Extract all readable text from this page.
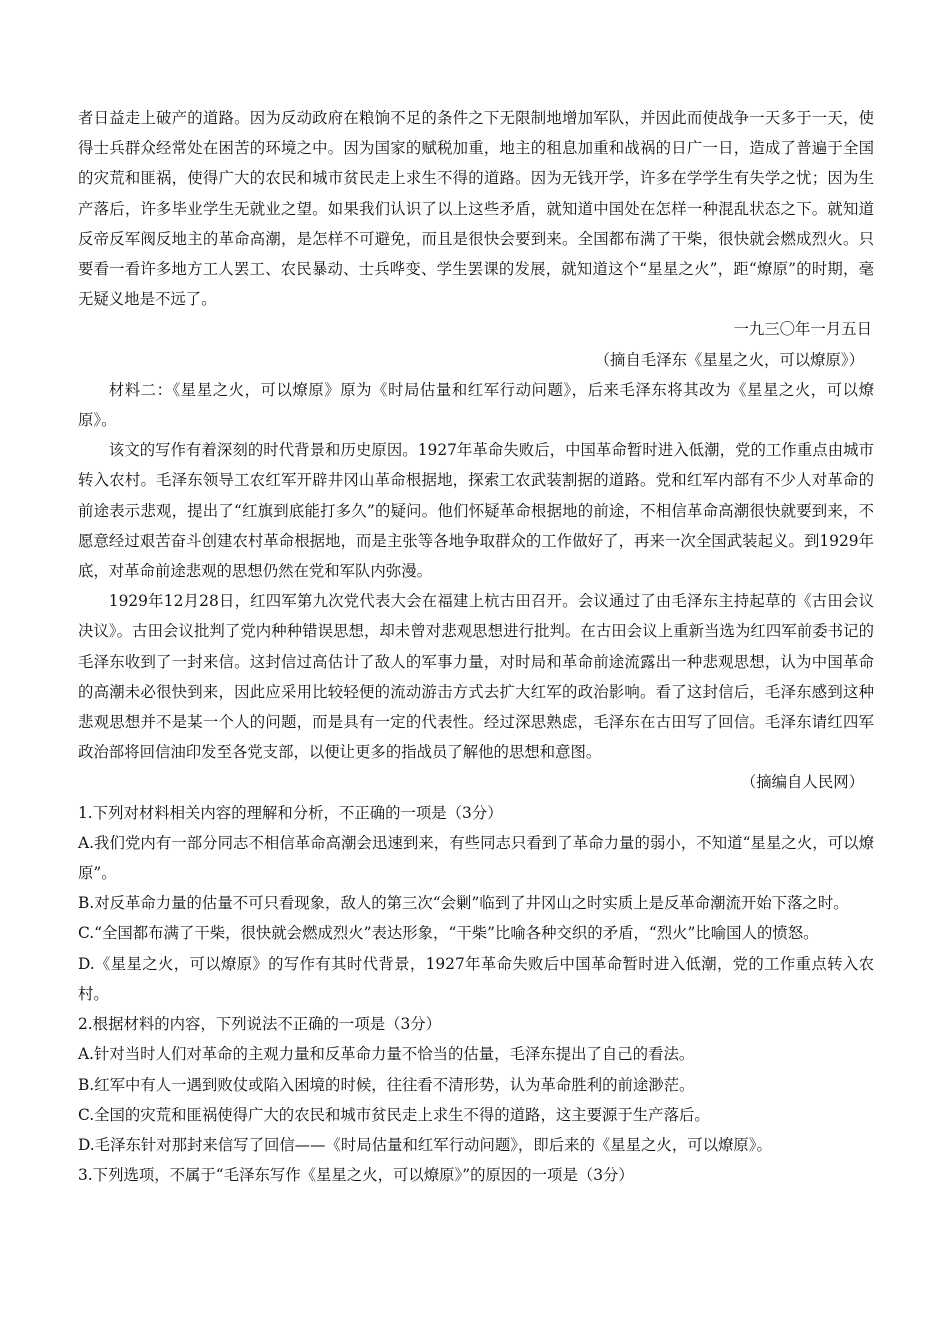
者日益走上破产的道路。因为反动政府在粮饷不足的条件之下无限制地增加军队，并因此而使战争一天多于一天，使得士兵群众经常处在困苦的环境之中。因为国家的赋税加重，地主的租息加重和战祸的日广一日，造成了普遍于全国的灾荒和匪祸，使得广大的农民和城市贫民走上求生不得的道路。因为无钱开学，许多在学学生有失学之忧；因为生产落后，许多毕业学生无就业之望。如果我们认识了以上这些矛盾，就知道中国处在怎样一种混乱状态之下。就知道反帝反军阀反地主的革命高潮，是怎样不可避免，而且是很快会要到来。全国都布满了干柴，很快就会燃成烈火。只要看一看许多地方工人罢工、农民暴动、士兵哗变、学生罢课的发展，就知道这个“星星之火”，距“燎原”的时期，毫无疑义地是不远了。

一九三〇年一月五日

（摘自毛泽东《星星之火，可以燎原》）

材料二：《星星之火，可以燎原》原为《时局估量和红军行动问题》，后来毛泽东将其改为《星星之火，可以燎原》。

该文的写作有着深刻的时代背景和历史原因。1927年革命失败后，中国革命暂时进入低潮，党的工作重点由城市转入农村。毛泽东领导工农红军开辟井冈山革命根据地，探索工农武装割据的道路。党和红军内部有不少人对革命的前途表示悲观，提出了“红旗到底能打多久”的疑问。他们怀疑革命根据地的前途，不相信革命高潮很快就要到来，不愿意经过艰苦奋斗创建农村革命根据地，而是主张等各地争取群众的工作做好了，再来一次全国武装起义。到1929年底，对革命前途悲观的思想仍然在党和军队内弥漫。

1929年12月28日，红四军第九次党代表大会在福建上杭古田召开。会议通过了由毛泽东主持起草的《古田会议决议》。古田会议批判了党内种种错误思想，却未曾对悲观思想进行批判。在古田会议上重新当选为红四军前委书记的毛泽东收到了一封来信。这封信过高估计了敌人的军事力量，对时局和革命前途流露出一种悲观思想，认为中国革命的高潮未必很快到来，因此应采用比较轻便的流动游击方式去扩大红军的政治影响。看了这封信后，毛泽东感到这种悲观思想并不是某一个人的问题，而是具有一定的代表性。经过深思熟虑，毛泽东在古田写了回信。毛泽东请红四军政治部将回信油印发至各党支部，以便让更多的指战员了解他的思想和意图。

（摘编自人民网）

1.下列对材料相关内容的理解和分析，不正确的一项是（3分）

A.我们党内有一部分同志不相信革命高潮会迅速到来，有些同志只看到了革命力量的弱小，不知道“星星之火，可以燎原”。

B.对反革命力量的估量不可只看现象，敌人的第三次“会剿”临到了井冈山之时实质上是反革命潮流开始下落之时。

C.“全国都布满了干柴，很快就会燃成烈火”表达形象，“干柴”比喻各种交织的矛盾，“烈火”比喻国人的愤怒。

D.《星星之火，可以燎原》的写作有其时代背景，1927年革命失败后中国革命暂时进入低潮，党的工作重点转入农村。

2.根据材料的内容，下列说法不正确的一项是（3分）

A.针对当时人们对革命的主观力量和反革命力量不恰当的估量，毛泽东提出了自己的看法。

B.红军中有人一遇到败仗或陷入困境的时候，往往看不清形势，认为革命胜利的前途渺茫。

C.全国的灾荒和匪祸使得广大的农民和城市贫民走上求生不得的道路，这主要源于生产落后。

D.毛泽东针对那封来信写了回信——《时局估量和红军行动问题》，即后来的《星星之火，可以燎原》。

3.下列选项，不属于“毛泽东写作《星星之火，可以燎原》”的原因的一项是（3分）
